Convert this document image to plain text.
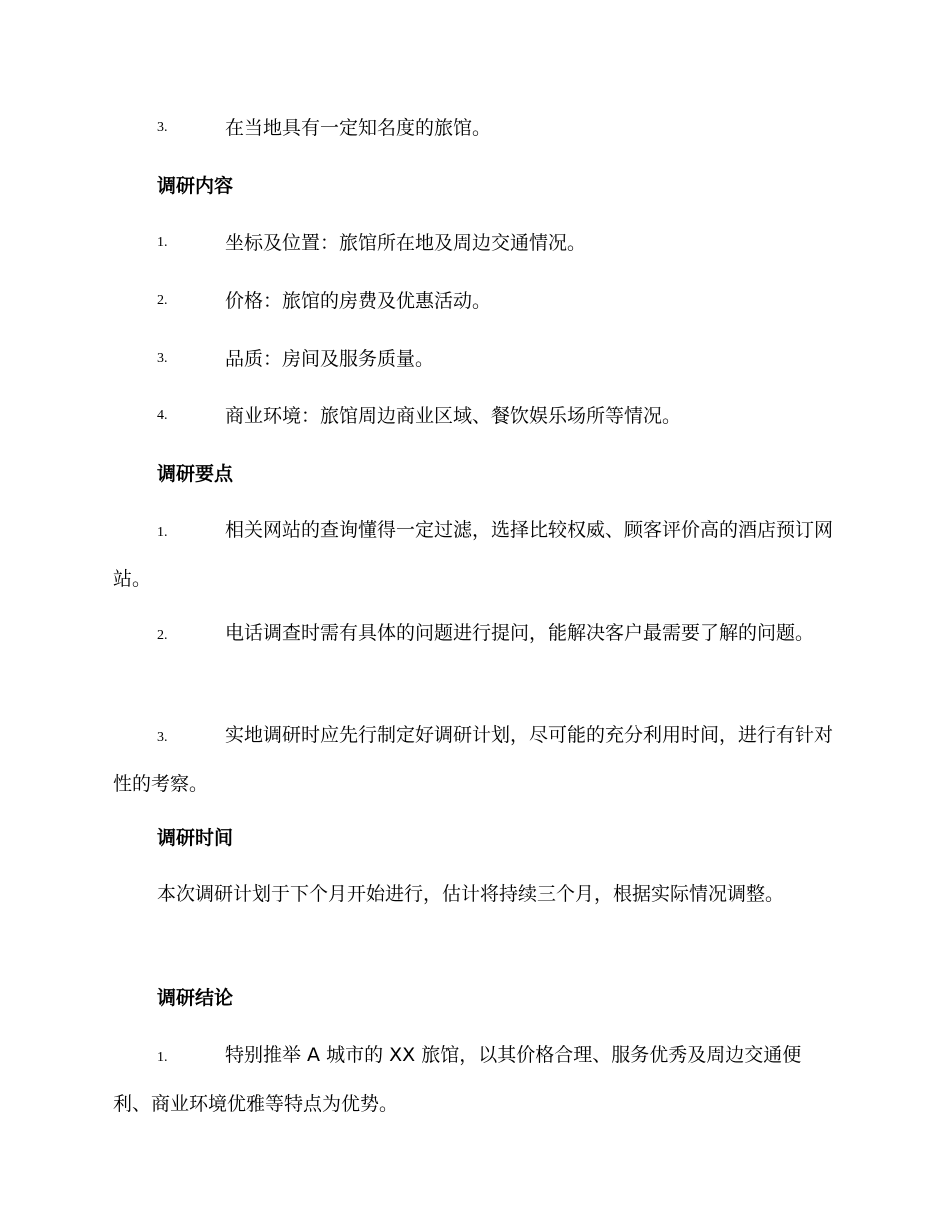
3.	在当地具有一定知名度的旅馆。
调研内容
1.	坐标及位置：旅馆所在地及周边交通情况。
2.	价格：旅馆的房费及优惠活动。
3.	品质：房间及服务质量。
4.	商业环境：旅馆周边商业区域、餐饮娱乐场所等情况。
调研要点
1.	相关网站的查询懂得一定过滤，选择比较权威、顾客评价高的酒店预订网站。
2.	电话调查时需有具体的问题进行提问，能解决客户最需要了解的问题。
3.	实地调研时应先行制定好调研计划，尽可能的充分利用时间，进行有针对性的考察。
调研时间
本次调研计划于下个月开始进行，估计将持续三个月，根据实际情况调整。
调研结论
1.	特别推举 A 城市的 XX 旅馆，以其价格合理、服务优秀及周边交通便利、商业环境优雅等特点为优势。
